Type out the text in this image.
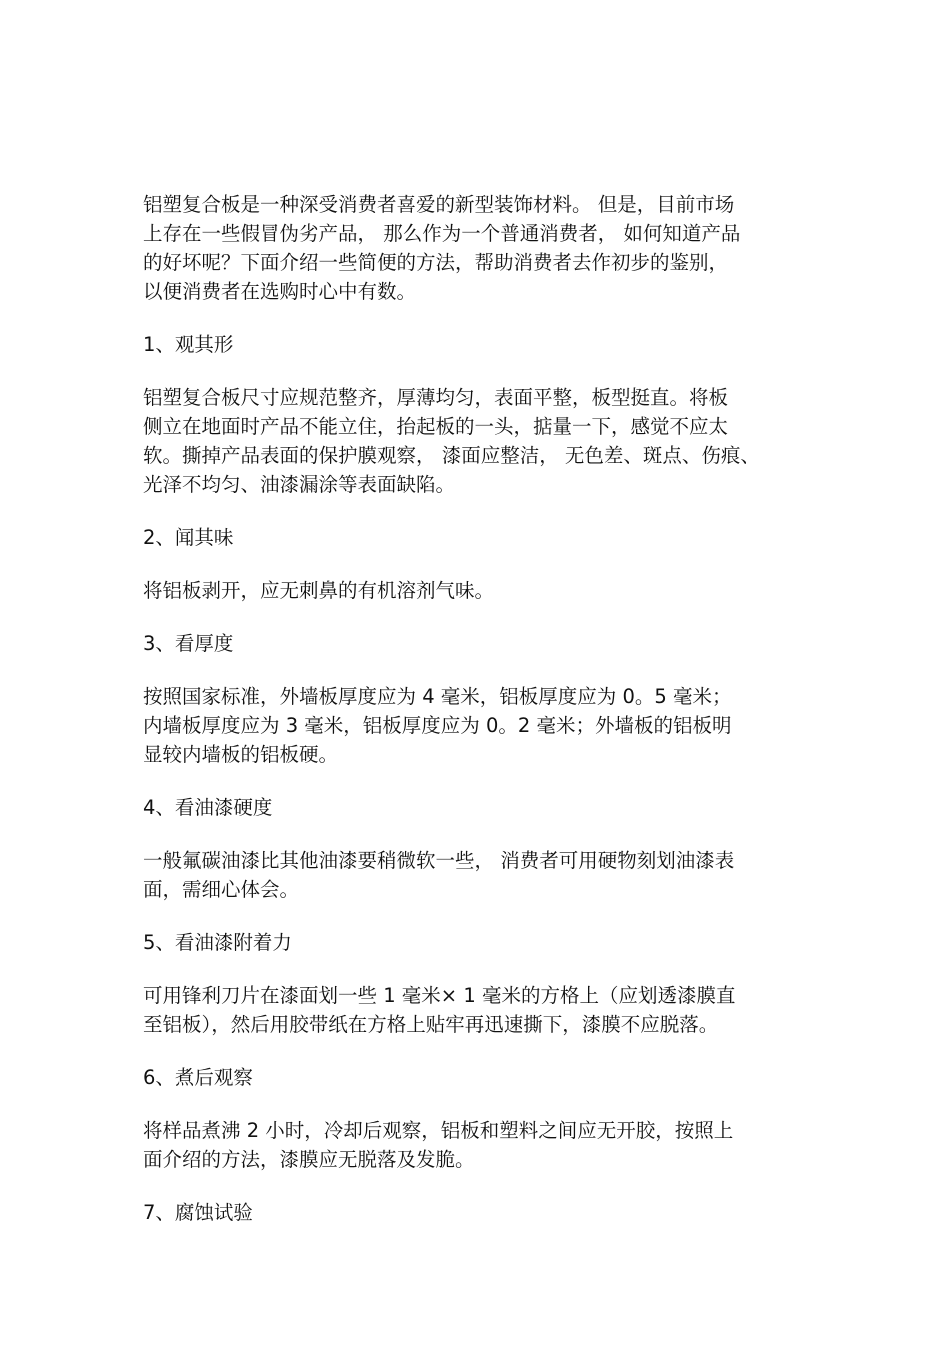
铝塑复合板是一种深受消费者喜爱的新型装饰材料。 但是，目前市场
上存在一些假冒伪劣产品， 那么作为一个普通消费者， 如何知道产品
的好坏呢？下面介绍一些简便的方法，帮助消费者去作初步的鉴别，
以便消费者在选购时心中有数。

1、观其形

铝塑复合板尺寸应规范整齐，厚薄均匀，表面平整，板型挺直。将板
侧立在地面时产品不能立住，抬起板的一头，掂量一下，感觉不应太
软。撕掉产品表面的保护膜观察， 漆面应整洁， 无色差、斑点、伤痕、
光泽不均匀、油漆漏涂等表面缺陷。

2、闻其味

将铝板剥开，应无刺鼻的有机溶剂气味。

3、看厚度

按照国家标准，外墙板厚度应为 4 毫米，铝板厚度应为 0。5 毫米；
内墙板厚度应为 3 毫米，铝板厚度应为 0。2 毫米；外墙板的铝板明
显较内墙板的铝板硬。

4、看油漆硬度

一般氟碳油漆比其他油漆要稍微软一些， 消费者可用硬物刻划油漆表
面，需细心体会。

5、看油漆附着力

可用锋利刀片在漆面划一些 1 毫米× 1 毫米的方格上（应划透漆膜直
至铝板），然后用胶带纸在方格上贴牢再迅速撕下，漆膜不应脱落。

6、煮后观察

将样品煮沸 2 小时，冷却后观察，铝板和塑料之间应无开胶，按照上
面介绍的方法，漆膜应无脱落及发脆。

7、腐蚀试验
